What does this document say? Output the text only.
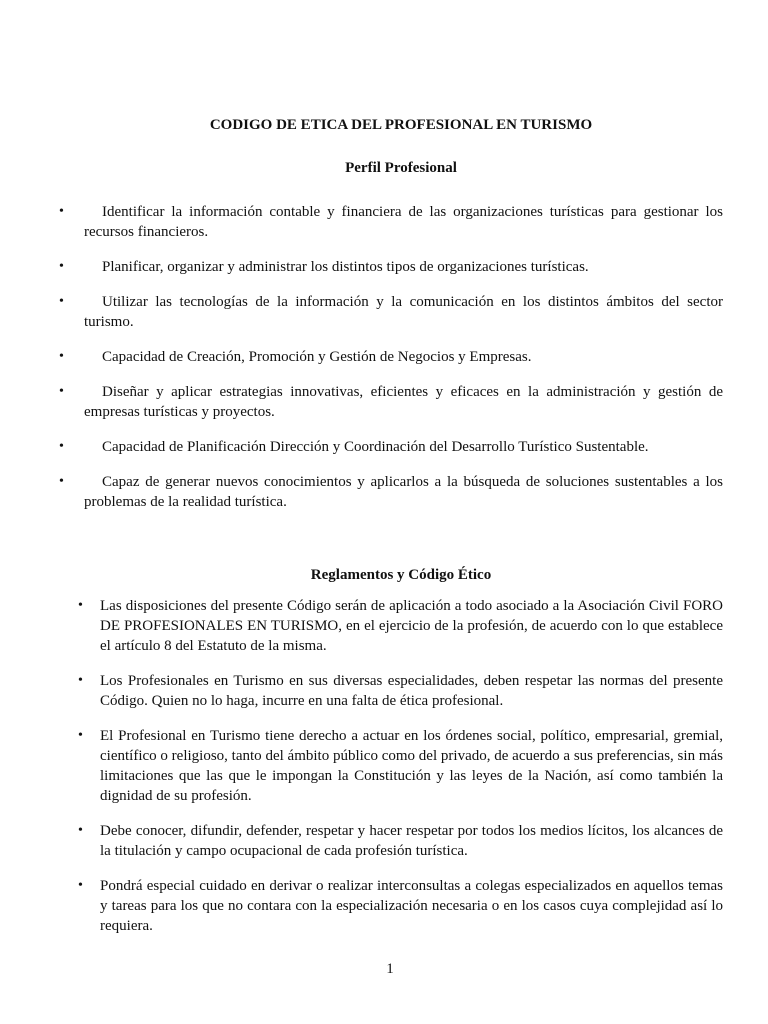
CODIGO DE ETICA DEL PROFESIONAL EN TURISMO
Perfil Profesional
•	Identificar la información contable y financiera de las organizaciones turísticas para gestionar los recursos financieros.
•	Planificar, organizar y administrar los distintos tipos de organizaciones turísticas.
•	Utilizar las tecnologías de la información y la comunicación en los distintos ámbitos del sector turismo.
•	Capacidad de Creación, Promoción y Gestión de Negocios y Empresas.
•	Diseñar y aplicar estrategias innovativas, eficientes y eficaces en la administración y gestión de empresas turísticas y proyectos.
•	Capacidad de Planificación Dirección y Coordinación del Desarrollo Turístico Sustentable.
•	Capaz de generar nuevos conocimientos y aplicarlos a la búsqueda de soluciones sustentables a los problemas de la realidad turística.
Reglamentos y Código Ético
• Las disposiciones del presente Código serán de aplicación a todo asociado a la Asociación Civil FORO DE PROFESIONALES EN TURISMO, en el ejercicio de la profesión, de acuerdo con lo que establece el artículo 8 del Estatuto de la misma.
• Los Profesionales en Turismo en sus diversas especialidades, deben respetar las normas del presente Código. Quien no lo haga, incurre en una falta de ética profesional.
• El Profesional en Turismo tiene derecho a actuar en los órdenes social, político, empresarial, gremial, científico o religioso, tanto del ámbito público como del privado, de acuerdo a sus preferencias, sin más limitaciones que las que le impongan la Constitución y las leyes de la Nación, así como también la dignidad de su profesión.
• Debe conocer, difundir, defender, respetar y hacer respetar por todos los medios lícitos, los alcances de la titulación y campo ocupacional de cada profesión turística.
• Pondrá especial cuidado en derivar o realizar interconsultas a colegas especializados en aquellos temas y tareas para los que no contara con la especialización necesaria o en los casos cuya complejidad así lo requiera.
1
